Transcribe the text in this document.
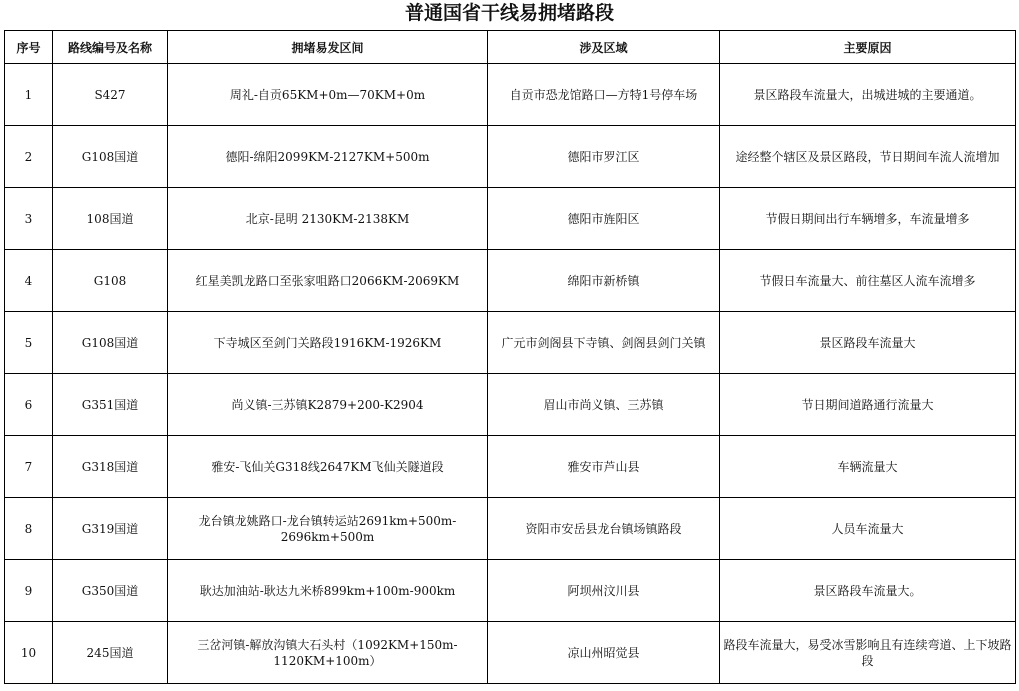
普通国省干线易拥堵路段
序号	路线编号及名称	拥堵易发区间	涉及区域	主要原因
1	S427	周礼-自贡65KM+0m—70KM+0m	自贡市恐龙馆路口—方特1号停车场	景区路段车流量大，出城进城的主要通道。
2	G108国道	德阳-绵阳2099KM-2127KM+500m	德阳市罗江区	途经整个辖区及景区路段，节日期间车流人流增加
3	108国道	北京-昆明 2130KM-2138KM	德阳市旌阳区	节假日期间出行车辆增多，车流量增多
4	G108	红星美凯龙路口至张家咀路口2066KM-2069KM	绵阳市新桥镇	节假日车流量大、前往墓区人流车流增多
5	G108国道	下寺城区至剑门关路段1916KM-1926KM	广元市剑阁县下寺镇、剑阁县剑门关镇	景区路段车流量大
6	G351国道	尚义镇-三苏镇K2879+200-K2904	眉山市尚义镇、三苏镇	节日期间道路通行流量大
7	G318国道	雅安-飞仙关G318线2647KM飞仙关隧道段	雅安市芦山县	车辆流量大
8	G319国道	龙台镇龙姚路口-龙台镇转运站2691km+500m-2696km+500m	资阳市安岳县龙台镇场镇路段	人员车流量大
9	G350国道	耿达加油站-耿达九米桥899km+100m-900km	阿坝州汶川县	景区路段车流量大。
10	245国道	三岔河镇-解放沟镇大石头村（1092KM+150m-1120KM+100m）	凉山州昭觉县	路段车流量大，易受冰雪影响且有连续弯道、上下坡路段
